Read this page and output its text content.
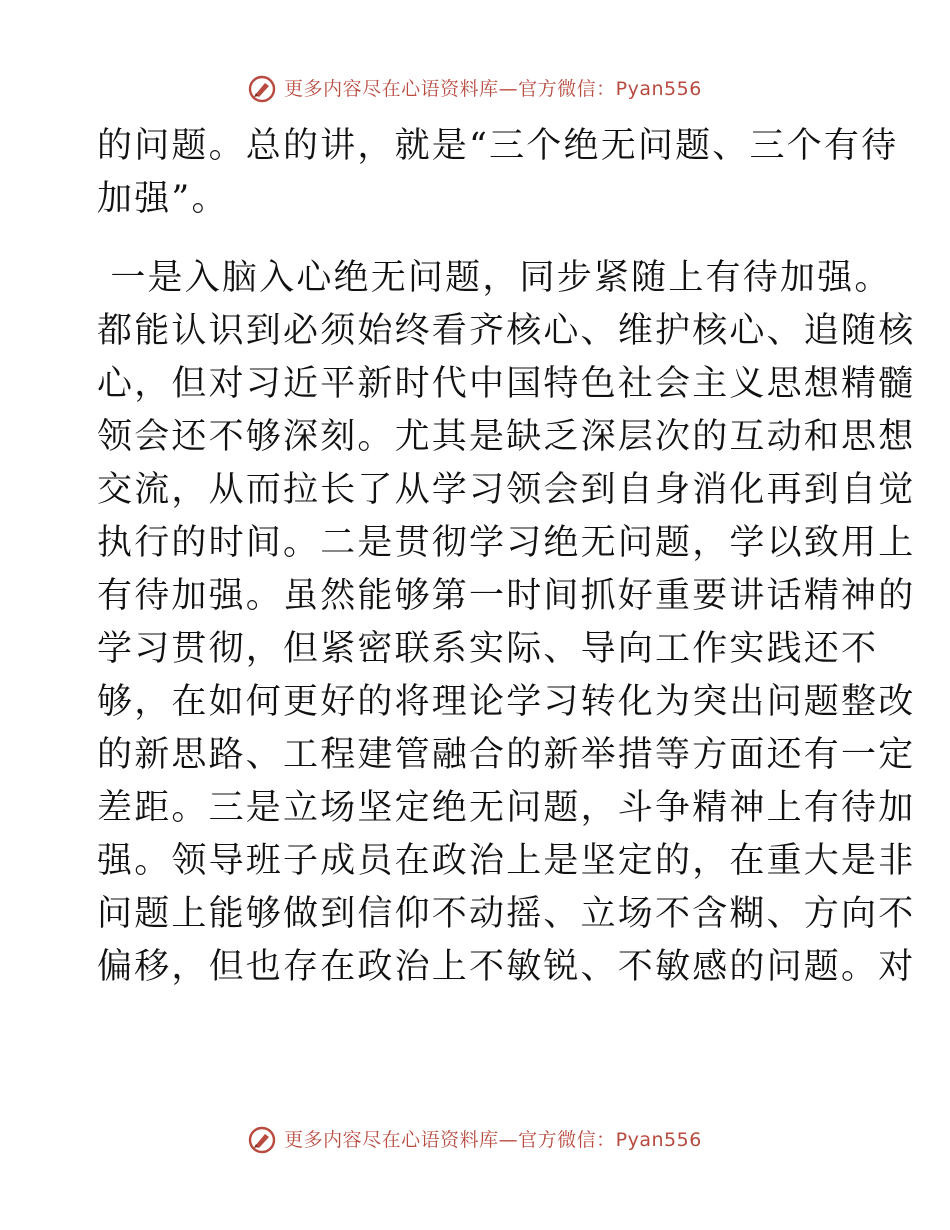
更多内容尽在心语资料库—官方微信：Pyan556
的问题。总的讲，就是“三个绝无问题、三个有待
加强”。
一是入脑入心绝无问题，同步紧随上有待加强。
都能认识到必须始终看齐核心、维护核心、追随核
心，但对习近平新时代中国特色社会主义思想精髓
领会还不够深刻。尤其是缺乏深层次的互动和思想
交流，从而拉长了从学习领会到自身消化再到自觉
执行的时间。二是贯彻学习绝无问题，学以致用上
有待加强。虽然能够第一时间抓好重要讲话精神的
学习贯彻，但紧密联系实际、导向工作实践还不
够，在如何更好的将理论学习转化为突出问题整改
的新思路、工程建管融合的新举措等方面还有一定
差距。三是立场坚定绝无问题，斗争精神上有待加
强。领导班子成员在政治上是坚定的，在重大是非
问题上能够做到信仰不动摇、立场不含糊、方向不
偏移，但也存在政治上不敏锐、不敏感的问题。对
更多内容尽在心语资料库—官方微信：Pyan556
